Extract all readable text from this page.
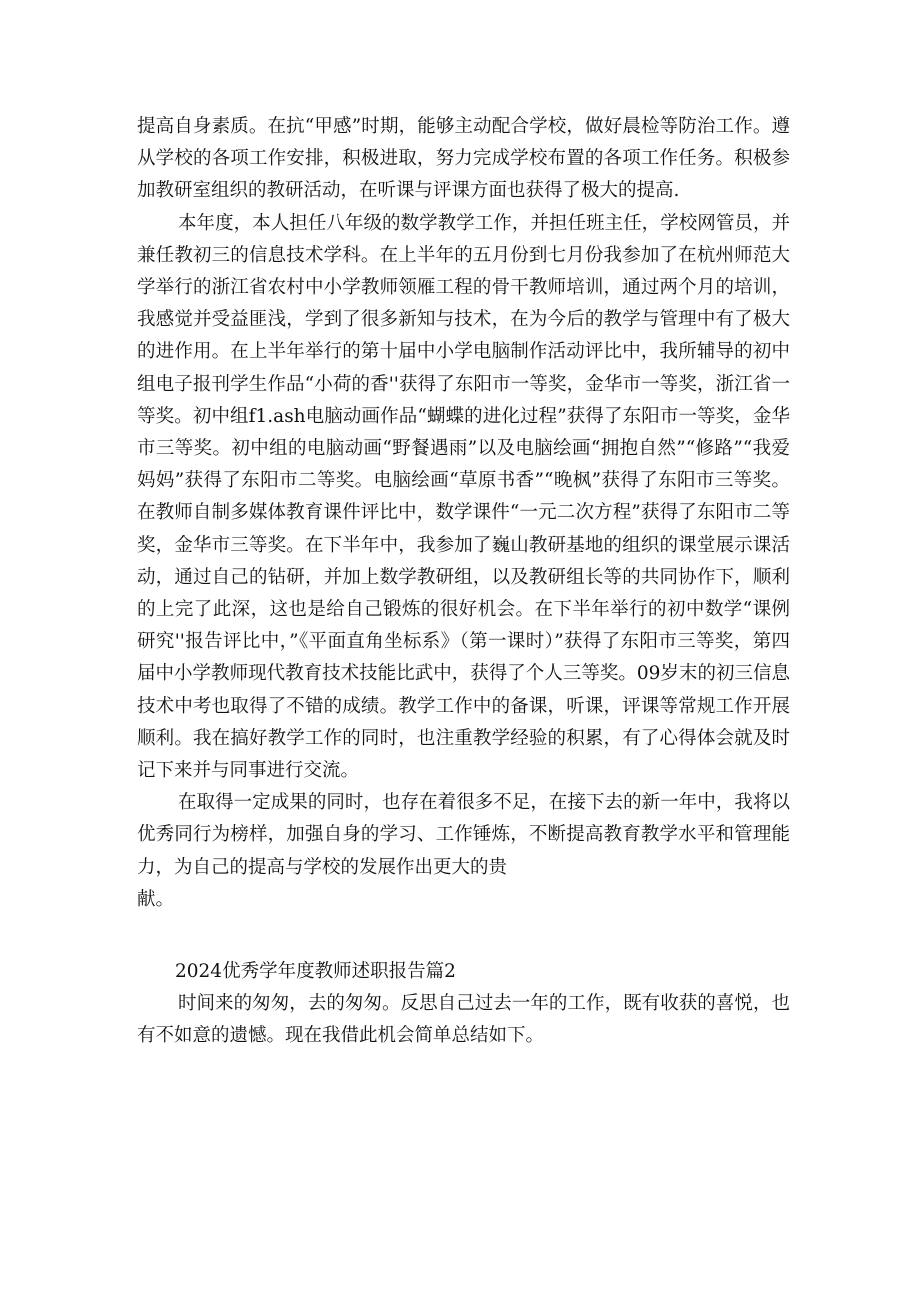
提高自身素质。在抗“甲感”时期，能够主动配合学校，做好晨检等防治工作。遵从学校的各项工作安排，积极进取，努力完成学校布置的各项工作任务。积极参加教研室组织的教研活动，在听课与评课方面也获得了极大的提高.

本年度，本人担任八年级的数学教学工作，并担任班主任，学校网管员，并兼任教初三的信息技术学科。在上半年的五月份到七月份我参加了在杭州师范大学举行的浙江省农村中小学教师领雁工程的骨干教师培训，通过两个月的培训，我感觉并受益匪浅，学到了很多新知与技术，在为今后的教学与管理中有了极大的进作用。在上半年举行的第十届中小学电脑制作活动评比中，我所辅导的初中组电子报刊学生作品“小荷的香''获得了东阳市一等奖，金华市一等奖，浙江省一等奖。初中组f1.ash电脑动画作品“蝴蝶的进化过程”获得了东阳市一等奖，金华市三等奖。初中组的电脑动画“野餐遇雨”以及电脑绘画“拥抱自然”“修路”“我爱妈妈”获得了东阳市二等奖。电脑绘画“草原书香”“晚枫”获得了东阳市三等奖。在教师自制多媒体教育课件评比中，数学课件“一元二次方程”获得了东阳市二等奖，金华市三等奖。在下半年中，我参加了巍山教研基地的组织的课堂展示课活动，通过自己的钻研，并加上数学教研组，以及教研组长等的共同协作下，顺利的上完了此深，这也是给自己锻炼的很好机会。在下半年举行的初中数学“课例研究''报告评比中，”《平面直角坐标系》（第一课时）”获得了东阳市三等奖，第四届中小学教师现代教育技术技能比武中，获得了个人三等奖。09岁末的初三信息技术中考也取得了不错的成绩。教学工作中的备课，听课，评课等常规工作开展顺利。我在搞好教学工作的同时，也注重教学经验的积累，有了心得体会就及时记下来并与同事进行交流。

在取得一定成果的同时，也存在着很多不足，在接下去的新一年中，我将以优秀同行为榜样，加强自身的学习、工作锤炼，不断提高教育教学水平和管理能力，为自己的提高与学校的发展作出更大的贵

献。

2024优秀学年度教师述职报告篇2

时间来的匆匆，去的匆匆。反思自己过去一年的工作，既有收获的喜悦，也有不如意的遗憾。现在我借此机会简单总结如下。
